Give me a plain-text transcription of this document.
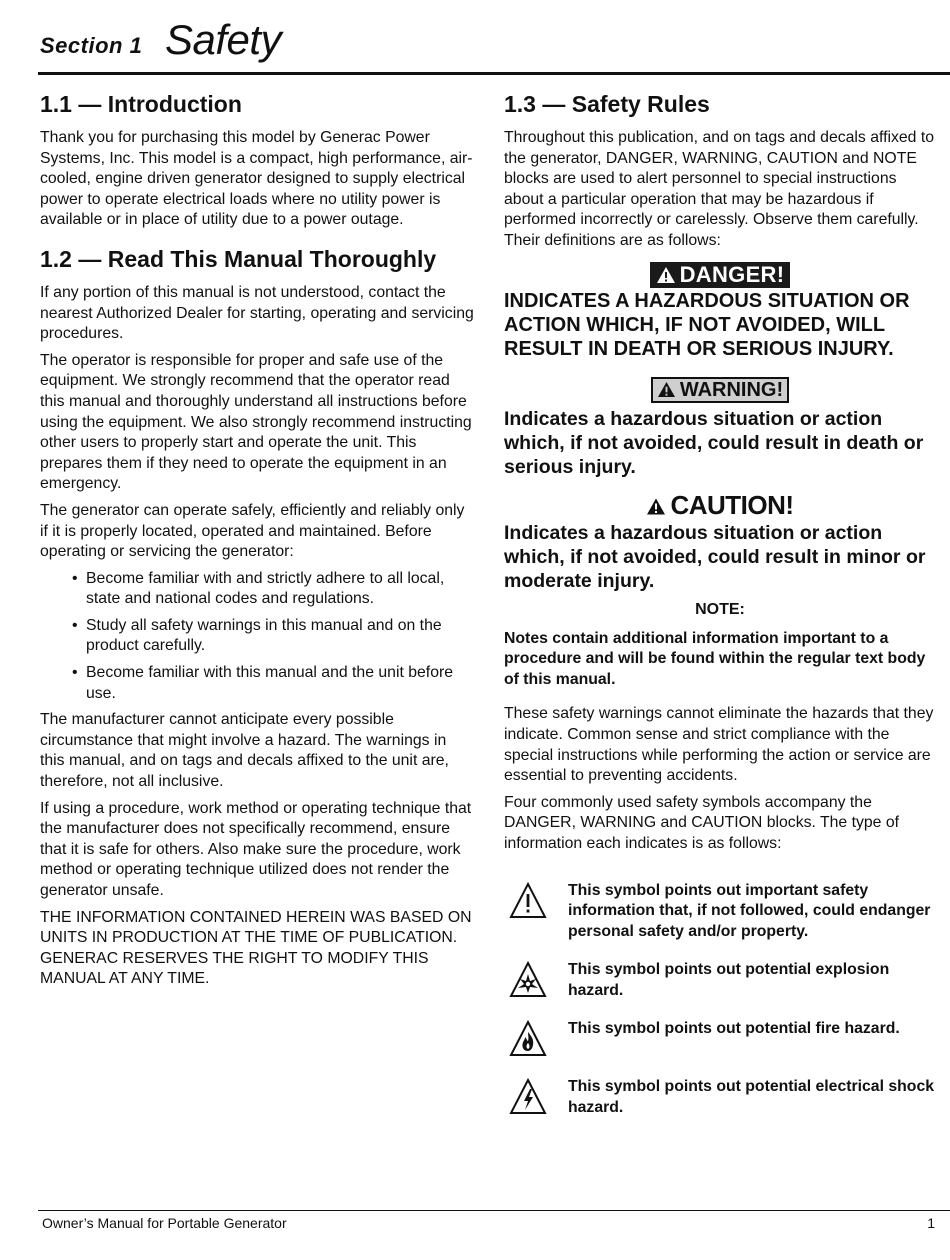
Section 1 Safety
1.1 — Introduction

Thank you for purchasing this model by Generac Power Systems, Inc. This model is a compact, high performance, air-cooled, engine driven generator designed to supply electrical power to operate electrical loads where no utility power is available or in place of utility due to a power outage.

1.2 — Read This Manual Thoroughly

If any portion of this manual is not understood, contact the nearest Authorized Dealer for starting, operating and servicing procedures.

The operator is responsible for proper and safe use of the equipment. We strongly recommend that the operator read this manual and thoroughly understand all instructions before using the equipment. We also strongly recommend instructing other users to properly start and operate the unit. This prepares them if they need to operate the equipment in an emergency.

The generator can operate safely, efficiently and reliably only if it is properly located, operated and maintained. Before operating or servicing the generator:

• Become familiar with and strictly adhere to all local, state and national codes and regulations.
• Study all safety warnings in this manual and on the product carefully.
• Become familiar with this manual and the unit before use.

The manufacturer cannot anticipate every possible circumstance that might involve a hazard. The warnings in this manual, and on tags and decals affixed to the unit are, therefore, not all inclusive.

If using a procedure, work method or operating technique that the manufacturer does not specifically recommend, ensure that it is safe for others. Also make sure the procedure, work method or operating technique utilized does not render the generator unsafe.

THE INFORMATION CONTAINED HEREIN WAS BASED ON UNITS IN PRODUCTION AT THE TIME OF PUBLICATION. GENERAC RESERVES THE RIGHT TO MODIFY THIS MANUAL AT ANY TIME.

1.3 — Safety Rules

Throughout this publication, and on tags and decals affixed to the generator, DANGER, WARNING, CAUTION and NOTE blocks are used to alert personnel to special instructions about a particular operation that may be hazardous if performed incorrectly or carelessly. Observe them carefully. Their definitions are as follows:

DANGER!

INDICATES A HAZARDOUS SITUATION OR ACTION WHICH, IF NOT AVOIDED, WILL RESULT IN DEATH OR SERIOUS INJURY.

WARNING!

Indicates a hazardous situation or action which, if not avoided, could result in death or serious injury.

CAUTION!

Indicates a hazardous situation or action which, if not avoided, could result in minor or moderate injury.

NOTE:

Notes contain additional information important to a procedure and will be found within the regular text body of this manual.

These safety warnings cannot eliminate the hazards that they indicate. Common sense and strict compliance with the special instructions while performing the action or service are essential to preventing accidents.

Four commonly used safety symbols accompany the DANGER, WARNING and CAUTION blocks. The type of information each indicates is as follows:

This symbol points out important safety information that, if not followed, could endanger personal safety and/or property.
This symbol points out potential explosion hazard.
This symbol points out potential fire hazard.
This symbol points out potential electrical shock hazard.
Owner’s Manual for Portable Generator	1
